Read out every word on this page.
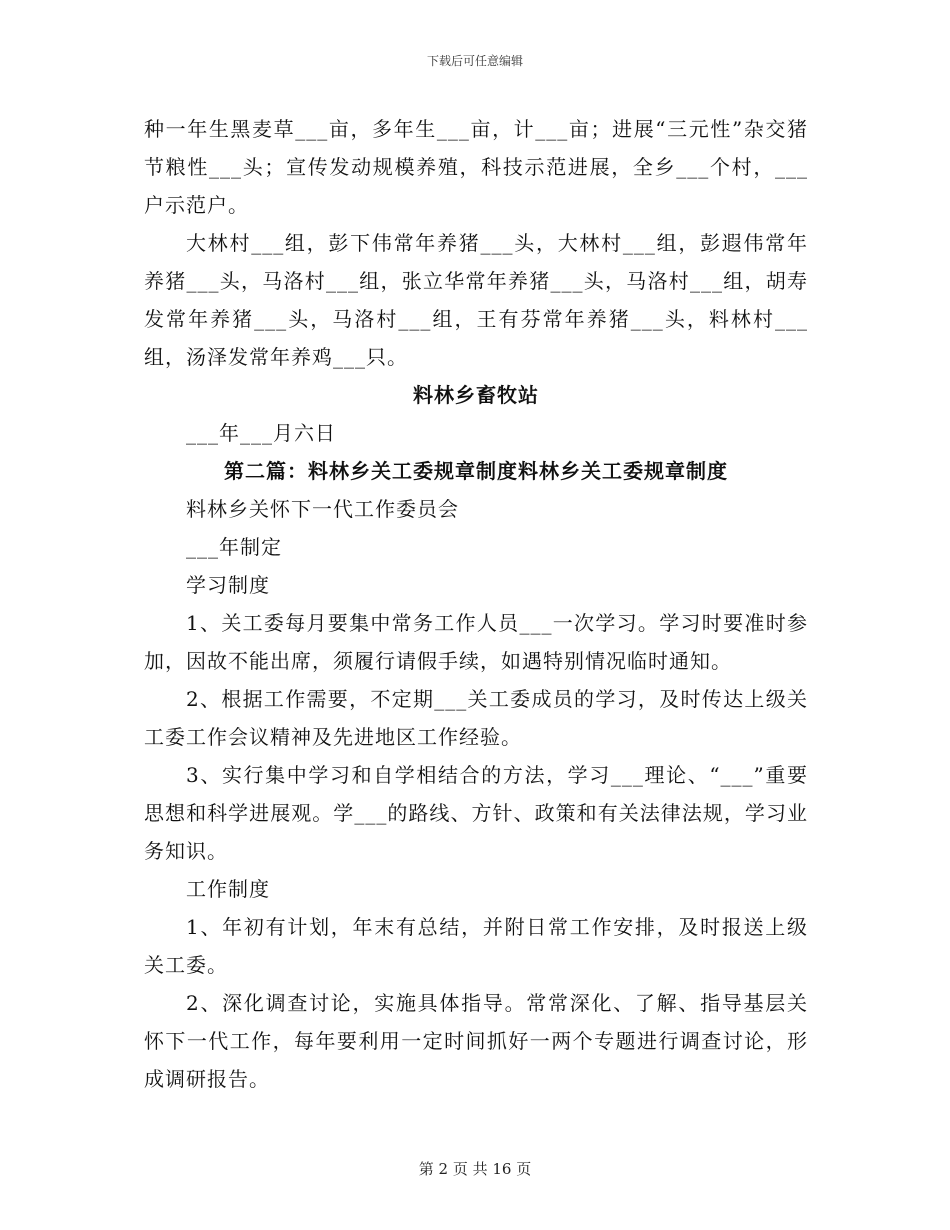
下载后可任意编辑

种一年生黑麦草___亩，多年生___亩，计___亩；进展“三元性”杂交猪节粮性___头；宣传发动规模养殖，科技示范进展，全乡___个村，___户示范户。

大林村___组，彭下伟常年养猪___头，大林村___组，彭遐伟常年养猪___头，马洛村___组，张立华常年养猪___头，马洛村___组，胡寿发常年养猪___头，马洛村___组，王有芬常年养猪___头，料林村___组，汤泽发常年养鸡___只。

料林乡畜牧站

___年___月六日

第二篇：料林乡关工委规章制度料林乡关工委规章制度

料林乡关怀下一代工作委员会

___年制定

学习制度

1、关工委每月要集中常务工作人员___一次学习。学习时要准时参加，因故不能出席，须履行请假手续，如遇特别情况临时通知。

2、根据工作需要，不定期___关工委成员的学习，及时传达上级关工委工作会议精神及先进地区工作经验。

3、实行集中学习和自学相结合的方法，学习___理论、“___”重要思想和科学进展观。学___的路线、方针、政策和有关法律法规，学习业务知识。

工作制度

1、年初有计划，年末有总结，并附日常工作安排，及时报送上级关工委。

2、深化调查讨论，实施具体指导。常常深化、了解、指导基层关怀下一代工作，每年要利用一定时间抓好一两个专题进行调查讨论，形成调研报告。

第 2 页 共 16 页
